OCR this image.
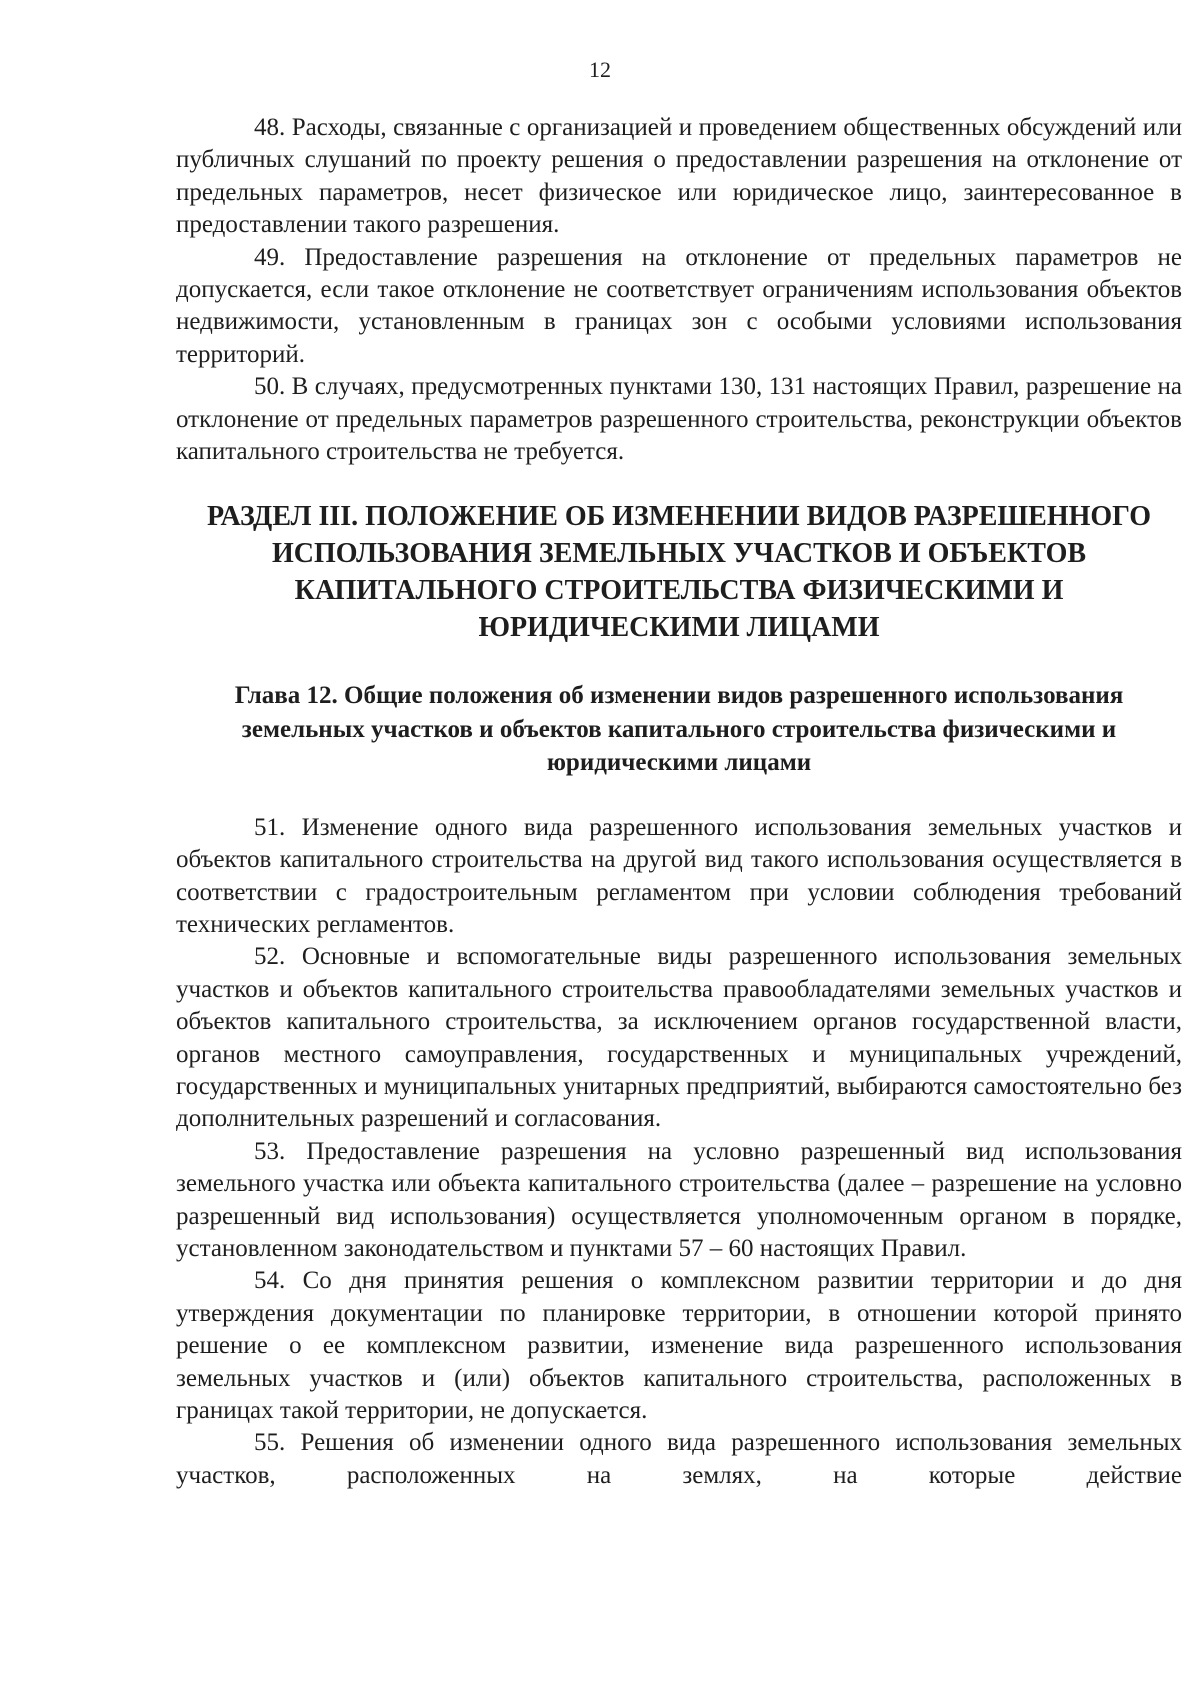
12

48. Расходы, связанные с организацией и проведением общественных обсуждений или публичных слушаний по проекту решения о предоставлении разрешения на отклонение от предельных параметров, несет физическое или юридическое лицо, заинтересованное в предоставлении такого разрешения.

49. Предоставление разрешения на отклонение от предельных параметров не допускается, если такое отклонение не соответствует ограничениям использования объектов недвижимости, установленным в границах зон с особыми условиями использования территорий.

50. В случаях, предусмотренных пунктами 130, 131 настоящих Правил, разрешение на отклонение от предельных параметров разрешенного строительства, реконструкции объектов капитального строительства не требуется.

РАЗДЕЛ III. ПОЛОЖЕНИЕ ОБ ИЗМЕНЕНИИ ВИДОВ РАЗРЕШЕННОГО ИСПОЛЬЗОВАНИЯ ЗЕМЕЛЬНЫХ УЧАСТКОВ И ОБЪЕКТОВ КАПИТАЛЬНОГО СТРОИТЕЛЬСТВА ФИЗИЧЕСКИМИ И ЮРИДИЧЕСКИМИ ЛИЦАМИ
Глава 12. Общие положения об изменении видов разрешенного использования земельных участков и объектов капитального строительства физическими и юридическими лицами

51. Изменение одного вида разрешенного использования земельных участков и объектов капитального строительства на другой вид такого использования осуществляется в соответствии с градостроительным регламентом при условии соблюдения требований технических регламентов.

52. Основные и вспомогательные виды разрешенного использования земельных участков и объектов капитального строительства правообладателями земельных участков и объектов капитального строительства, за исключением органов государственной власти, органов местного самоуправления, государственных и муниципальных учреждений, государственных и муниципальных унитарных предприятий, выбираются самостоятельно без дополнительных разрешений и согласования.

53. Предоставление разрешения на условно разрешенный вид использования земельного участка или объекта капитального строительства (далее – разрешение на условно разрешенный вид использования) осуществляется уполномоченным органом в порядке, установленном законодательством и пунктами 57 – 60 настоящих Правил.

54. Со дня принятия решения о комплексном развитии территории и до дня утверждения документации по планировке территории, в отношении которой принято решение о ее комплексном развитии, изменение вида разрешенного использования земельных участков и (или) объектов капитального строительства, расположенных в границах такой территории, не допускается.

55. Решения об изменении одного вида разрешенного использования земельных участков, расположенных на землях, на которые действие
